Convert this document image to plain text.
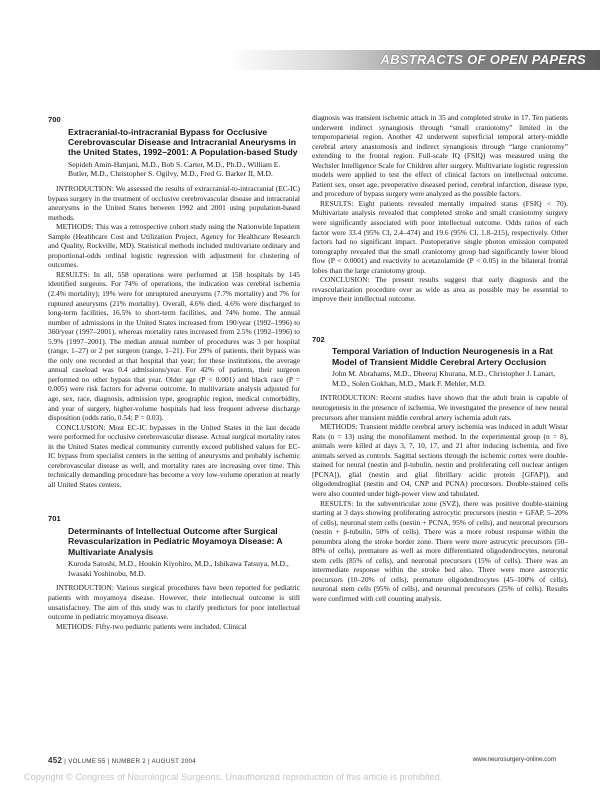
ABSTRACTS OF OPEN PAPERS
700
Extracranial-to-intracranial Bypass for Occlusive Cerebrovascular Disease and Intracranial Aneurysms in the United States, 1992–2001: A Population-based Study
Sepideh Amin-Hanjani, M.D., Bob S. Carter, M.D., Ph.D., William E. Butler, M.D., Christopher S. Ogilvy, M.D., Fred G. Barker II, M.D.

INTRODUCTION: We assessed the results of extracranial-to-intracranial (EC-IC) bypass surgery in the treatment of occlusive cerebrovascular disease and intracranial aneurysms in the United States between 1992 and 2001 using population-based methods.

METHODS: This was a retrospective cohort study using the Nationwide Inpatient Sample (Healthcare Cost and Utilization Project, Agency for Healthcare Research and Quality, Rockville, MD). Statistical methods included multivariate ordinary and proportional-odds ordinal logistic regression with adjustment for clustering of outcomes.

RESULTS: In all, 558 operations were performed at 158 hospitals by 145 identified surgeons. For 74% of operations, the indication was cerebral ischemia (2.4% mortality); 19% were for unruptured aneurysms (7.7% mortality) and 7% for ruptured aneurysms (21% mortality). Overall, 4.6% died, 4.6% were discharged to long-term facilities, 16.5% to short-term facilities, and 74% home. The annual number of admissions in the United States increased from 190/year (1992–1996) to 360/year (1997–2001), whereas mortality rates increased from 2.5% (1992–1996) to 5.9% (1997–2001). The median annual number of procedures was 3 per hospital (range, 1–27) or 2 per surgeon (range, 1–21). For 29% of patients, their bypass was the only one recorded at that hospital that year; for these institutions, the average annual caseload was 0.4 admissions/year. For 42% of patients, their surgeon performed no other bypass that year. Older age (P < 0.001) and black race (P = 0.005) were risk factors for adverse outcome. In multivariate analysis adjusted for age, sex, race, diagnosis, admission type, geographic region, medical comorbidity, and year of surgery, higher-volume hospitals had less frequent adverse discharge disposition (odds ratio, 0.54; P = 0.03).

CONCLUSION: Most EC-IC bypasses in the United States in the last decade were performed for occlusive cerebrovascular disease. Actual surgical mortality rates in the United States medical community currently exceed published values for EC-IC bypass from specialist centers in the setting of aneurysms and probably ischemic cerebrovascular disease as well, and mortality rates are increasing over time. This technically demanding procedure has become a very low-volume operation at nearly all United States centers.

701
Determinants of Intellectual Outcome after Surgical Revascularization in Pediatric Moyamoya Disease: A Multivariate Analysis
Kuroda Satoshi, M.D., Houkin Kiyohiro, M.D., Ishikawa Tatsuya, M.D., Iwasaki Yoshinobu, M.D.

INTRODUCTION: Various surgical procedures have been reported for pediatric patients with moyamoya disease. However, their intellectual outcome is still unsatisfactory. The aim of this study was to clarify predictors for poor intellectual outcome in pediatric moyamoya disease.

METHODS: Fifty-two pediatric patients were included. Clinical

diagnosis was transient ischemic attack in 35 and completed stroke in 17. Ten patients underwent indirect synangiosis through “small craniotomy” limited in the temporoparietal region. Another 42 underwent superficial temporal artery-middle cerebral artery anastomosis and indirect synangiosis through “large craniotomy” extending to the frontal region. Full-scale IQ (FSIQ) was measured using the Wechsler Intelligence Scale for Children after surgery. Multivariate logistic regression models were applied to test the effect of clinical factors on intellectual outcome. Patient sex, onset age, preoperative diseased period, cerebral infarction, disease type, and procedure of bypass surgery were analyzed as the possible factors.

RESULTS: Eight patients revealed mentally impaired status (FSIQ < 70). Multivariate analysis revealed that completed stroke and small craniotomy surgery were significantly associated with poor intellectual outcome. Odds ratios of each factor were 33.4 (95% CI, 2.4–474) and 19.6 (95% CI, 1.8–215), respectively. Other factors had no significant impact. Postoperative single photon emission computed tomography revealed that the small craniotomy group had significantly lower blood flow (P < 0.0001) and reactivity to acetazolamide (P < 0.05) in the bilateral frontal lobes than the large craniotomy group.

CONCLUSION: The present results suggest that early diagnosis and the revascularization procedure over as wide as area as possible may be essential to improve their intellectual outcome.

702
Temporal Variation of Induction Neurogenesis in a Rat Model of Transient Middle Cerebral Artery Occlusion
John M. Abrahams, M.D., Dheeraj Khurana, M.D., Christopher J. Lanart, M.D., Solen Gokhan, M.D., Mark F. Mehler, M.D.

INTRODUCTION: Recent studies have shown that the adult brain is capable of neurogenesis in the presence of ischemia. We investigated the presence of new neural precursors after transient middle cerebral artery ischemia adult rats.

METHODS: Transient middle cerebral artery ischemia was induced in adult Wistar Rats (n = 13) using the monofilament method. In the experimental group (n = 8), animals were killed at days 3, 7, 10, 17, and 21 after inducing ischemia, and five animals served as controls. Sagittal sections through the ischemic cortex were double-stained for neural (nestin and β-tubulin, nestin and proliferating cell nuclear antigen [PCNA]), glial (nestin and glial fibrillary acidic protein [GFAP]), and oligodendroglial (nestin and O4, CNP and PCNA) precursors. Double-stained cells were also counted under high-power view and tabulated.

RESULTS: In the subventricular zone (SVZ), there was positive double-staining starting at 3 days showing proliferating astrocytic precursors (nestin + GFAP, 5–20% of cells), neuronal stem cells (nestin + PCNA, 95% of cells), and neuronal precursors (nestin + β-tubulin, 50% of cells). There was a more robust response within the penumbra along the stroke border zone. There were more astrocytic precursors (50–80% of cells), premature as well as more differentiated oligodendrocytes, neuronal stem cells (85% of cells), and neuronal precursors (15% of cells). There was an intermediate response within the stroke bed also. There were more astrocytic precursors (10–20% of cells), premature oligodendrocytes (45–100% of cells), neuronal stem cells (95% of cells), and neuronal precursors (25% of cells). Results were confirmed with cell counting analysis.

452 | VOLUME 55 | NUMBER 2 | AUGUST 2004	www.neurosurgery-online.com
Copyright © Congress of Neurological Surgeons. Unauthorized reproduction of this article is prohibited.
